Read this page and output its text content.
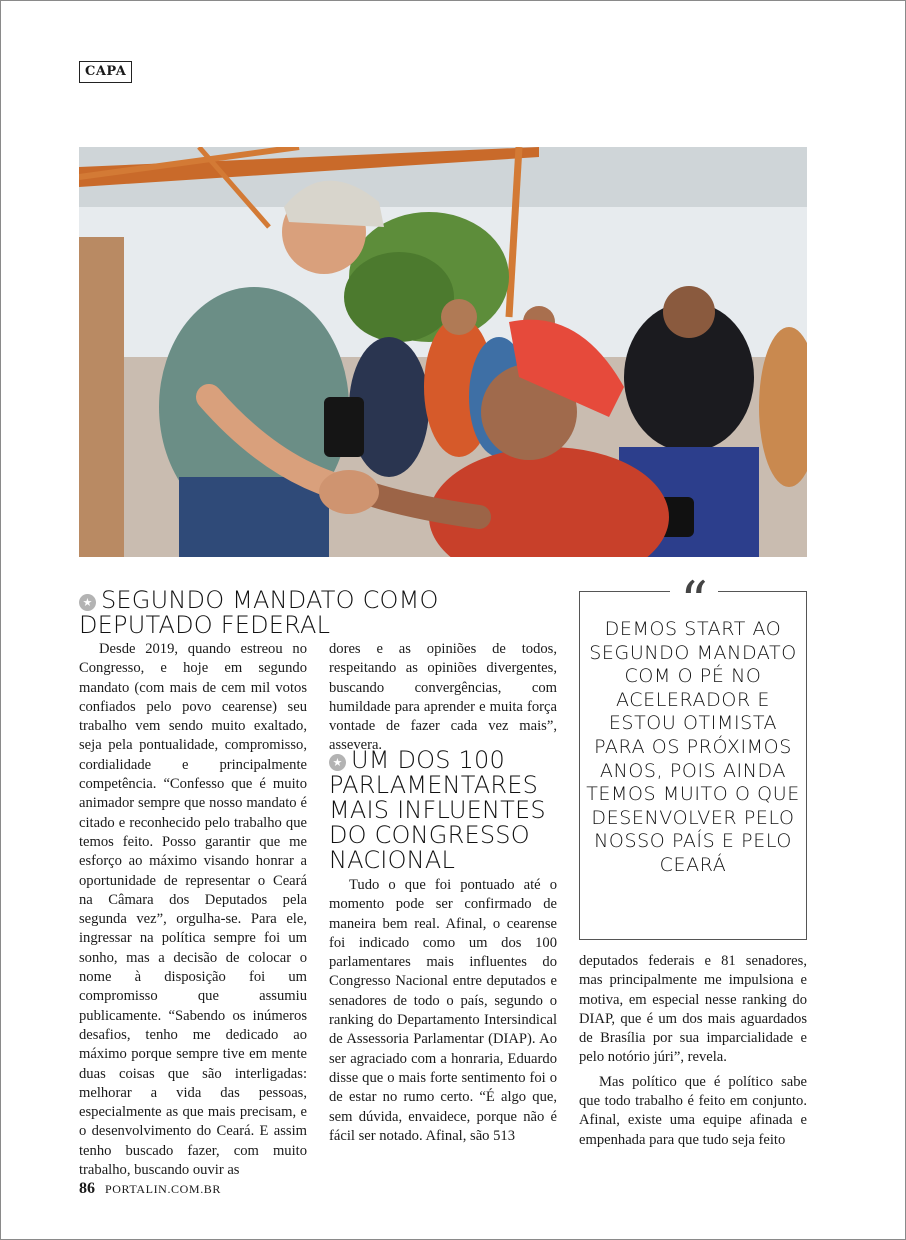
CAPA
★ SEGUNDO MANDATO COMO DEPUTADO FEDERAL

Desde 2019, quando estreou no Congresso, e hoje em segundo mandato (com mais de cem mil votos confiados pelo povo cearense) seu trabalho vem sendo muito exaltado, seja pela pontualidade, compromisso, cordialidade e principalmente competência. “Confesso que é muito animador sempre que nosso mandato é citado e reconhecido pelo trabalho que temos feito. Posso garantir que me esforço ao máximo visando honrar a oportunidade de representar o Ceará na Câmara dos Deputados pela segunda vez”, orgulha-se. Para ele, ingressar na política sempre foi um sonho, mas a decisão de colocar o nome à disposição foi um compromisso que assumiu publicamente. “Sabendo os inúmeros desafios, tenho me dedicado ao máximo porque sempre tive em mente duas coisas que são interligadas: melhorar a vida das pessoas, especialmente as que mais precisam, e o desenvolvimento do Ceará. E assim tenho buscado fazer, com muito trabalho, buscando ouvir as

dores e as opiniões de todos, respeitando as opiniões divergentes, buscando convergências, com humildade para aprender e muita força vontade de fazer cada vez mais”, assevera.

★ UM DOS 100 PARLAMENTARES MAIS INFLUENTES DO CONGRESSO NACIONAL

Tudo o que foi pontuado até o momento pode ser confirmado de maneira bem real. Afinal, o cearense foi indicado como um dos 100 parlamentares mais influentes do Congresso Nacional entre deputados e senadores de todo o país, segundo o ranking do Departamento Intersindical de Assessoria Parlamentar (DIAP). Ao ser agraciado com a honraria, Eduardo disse que o mais forte sentimento foi o de estar no rumo certo. “É algo que, sem dúvida, envaidece, porque não é fácil ser notado. Afinal, são 513

“
DEMOS START AO SEGUNDO MANDATO COM O PÉ NO ACELERADOR E ESTOU OTIMISTA PARA OS PRÓXIMOS ANOS, POIS AINDA TEMOS MUITO O QUE DESENVOLVER PELO NOSSO PAÍS E PELO CEARÁ

deputados federais e 81 senadores, mas principalmente me impulsiona e motiva, em especial nesse ranking do DIAP, que é um dos mais aguardados de Brasília por sua imparcialidade e pelo notório júri”, revela.

Mas político que é político sabe que todo trabalho é feito em conjunto. Afinal, existe uma equipe afinada e empenhada para que tudo seja feito

86 PORTALIN.COM.BR
